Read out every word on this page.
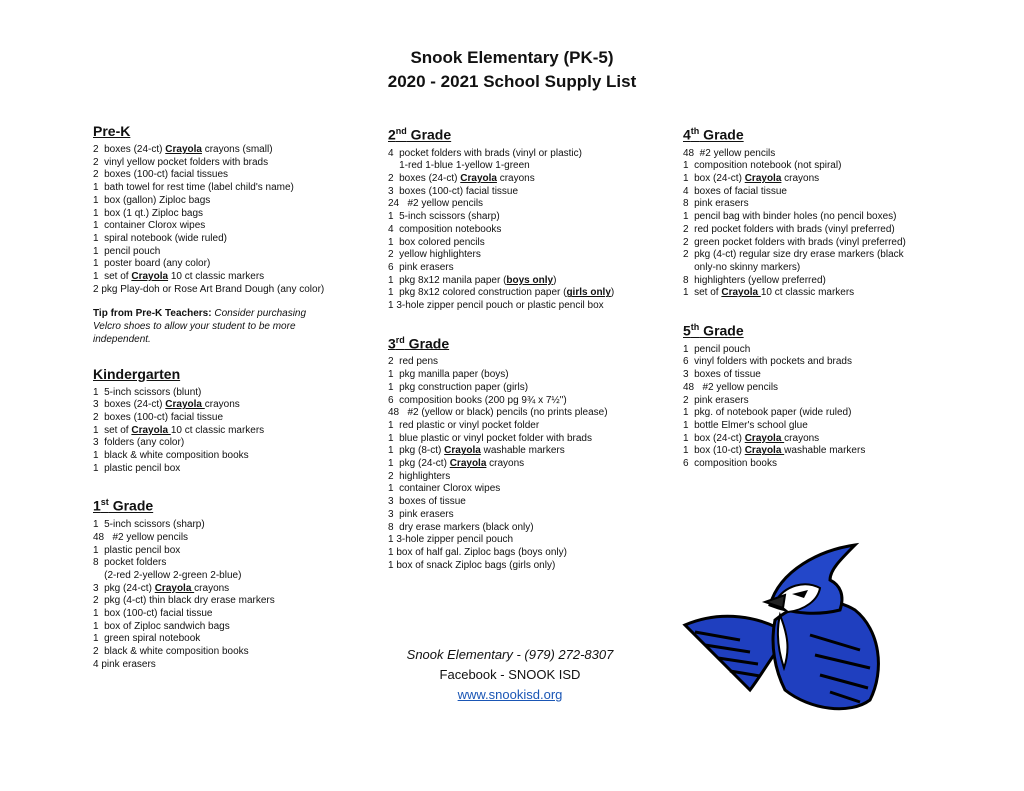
Snook Elementary (PK-5)
2020 - 2021 School Supply List
Pre-K
2  boxes (24-ct) Crayola crayons (small)
2  vinyl yellow pocket folders with brads
2  boxes (100-ct) facial tissues
1  bath towel for rest time (label child's name)
1  box (gallon) Ziploc bags
1  box (1 qt.) Ziploc bags
1  container Clorox wipes
1  spiral notebook (wide ruled)
1  pencil pouch
1  poster board (any color)
1  set of Crayola 10 ct classic markers
2 pkg Play-doh or Rose Art Brand Dough (any color)
Tip from Pre-K Teachers: Consider purchasing Velcro shoes to allow your student to be more independent.
Kindergarten
1  5-inch scissors (blunt)
3  boxes (24-ct) Crayola crayons
2  boxes (100-ct) facial tissue
1  set of Crayola 10 ct classic markers
3  folders (any color)
1  black & white composition books
1  plastic pencil box
1st Grade
1  5-inch scissors (sharp)
48   #2 yellow pencils
1  plastic pencil box
8  pocket folders
(2-red 2-yellow 2-green 2-blue)
3  pkg (24-ct) Crayola crayons
2  pkg (4-ct) thin black dry erase markers
1  box (100-ct) facial tissue
1  box of Ziploc sandwich bags
1  green spiral notebook
2  black & white composition books
4 pink erasers
2nd Grade
4  pocket folders with brads (vinyl or plastic)
1-red 1-blue 1-yellow 1-green
2  boxes (24-ct) Crayola crayons
3  boxes (100-ct) facial tissue
24   #2 yellow pencils
1  5-inch scissors (sharp)
4  composition notebooks
1  box colored pencils
2  yellow highlighters
6  pink erasers
1  pkg 8x12 manila paper (boys only)
1  pkg 8x12 colored construction paper (girls only)
1 3-hole zipper pencil pouch or plastic pencil box
3rd Grade
2  red pens
1  pkg manilla paper (boys)
1  pkg construction paper (girls)
6  composition books (200 pg 9¾ x 7½")
48   #2 (yellow or black) pencils (no prints please)
1  red plastic or vinyl pocket folder
1  blue plastic or vinyl pocket folder with brads
1  pkg (8-ct) Crayola washable markers
1  pkg (24-ct) Crayola crayons
2  highlighters
1  container Clorox wipes
3  boxes of tissue
3  pink erasers
8  dry erase markers (black only)
1 3-hole zipper pencil pouch
1 box of half gal. Ziploc bags (boys only)
1 box of snack Ziploc bags (girls only)
4th Grade
48  #2 yellow pencils
1  composition notebook (not spiral)
1  box (24-ct) Crayola crayons
4  boxes of facial tissue
8  pink erasers
1  pencil bag with binder holes (no pencil boxes)
2  red pocket folders with brads (vinyl preferred)
2  green pocket folders with brads (vinyl preferred)
2  pkg (4-ct) regular size dry erase markers (black
only-no skinny markers)
8  highlighters (yellow preferred)
1  set of Crayola 10 ct classic markers
5th Grade
1  pencil pouch
6  vinyl folders with pockets and brads
3  boxes of tissue
48   #2 yellow pencils
2  pink erasers
1  pkg. of notebook paper (wide ruled)
1  bottle Elmer's school glue
1  box (24-ct) Crayola crayons
1  box (10-ct) Crayola washable markers
6  composition books
Snook Elementary - (979) 272-8307
Facebook - SNOOK ISD
www.snookisd.org
